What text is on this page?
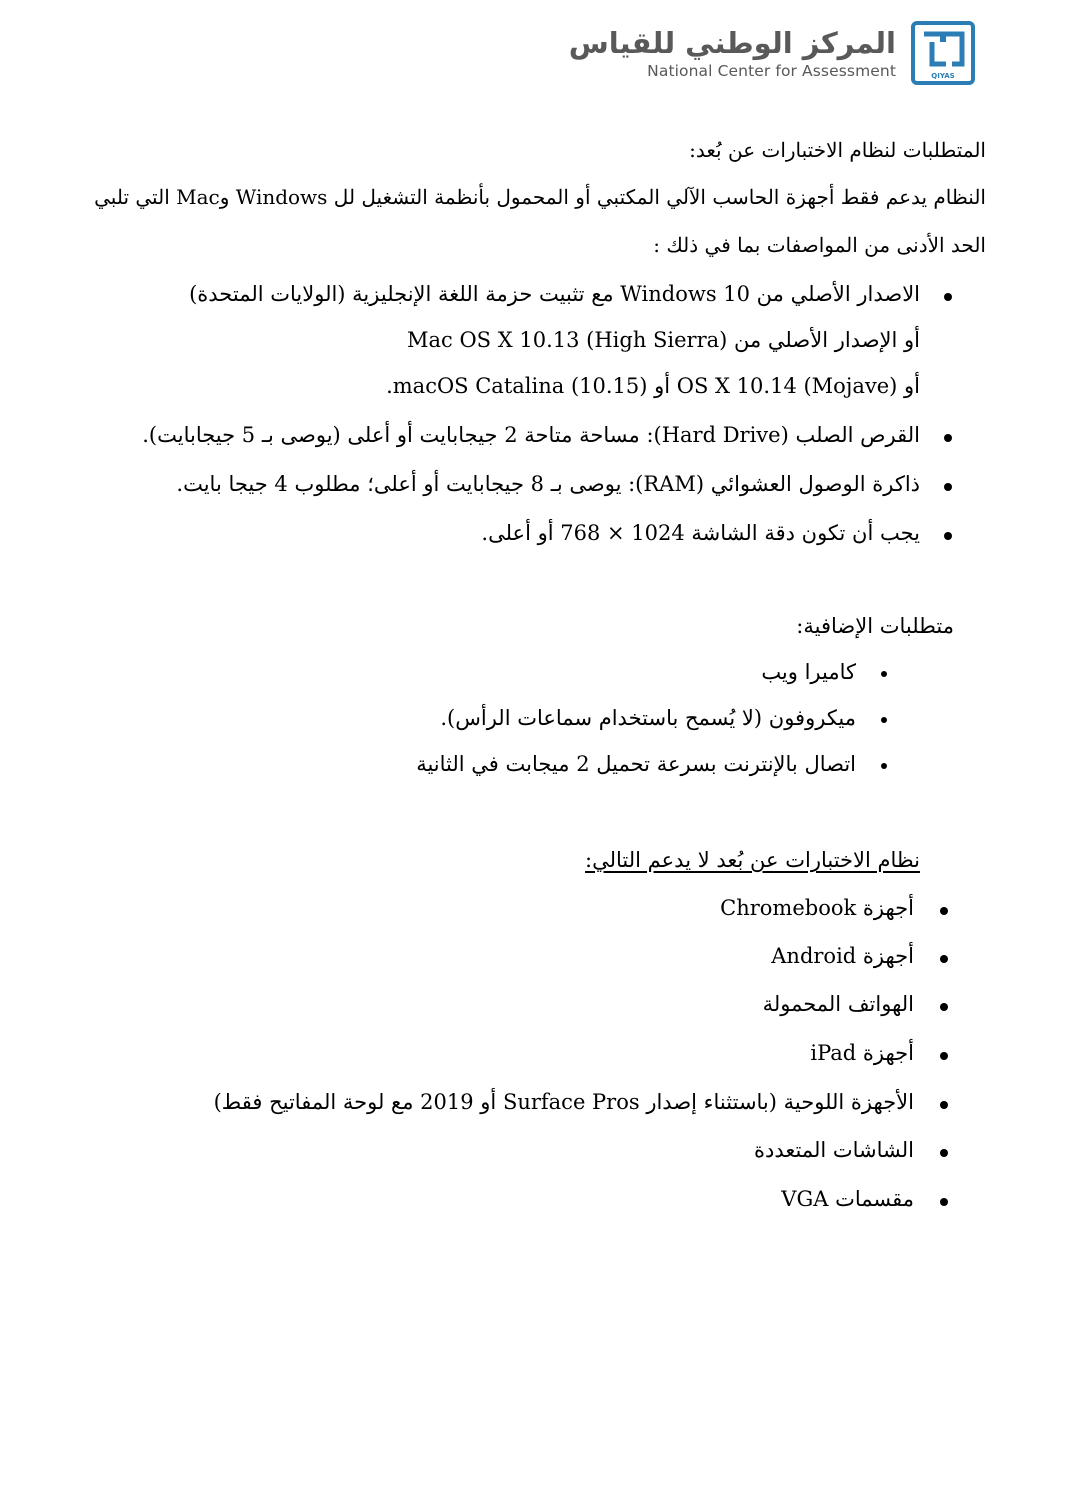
QIYAS
المركز الوطني للقياس
National Center for Assessment
المتطلبات لنظام الاختبارات عن بُعد:
النظام يدعم فقط أجهزة الحاسب الآلي المكتبي أو المحمول بأنظمة التشغيل لل Windows وMac التي تلبي
الحد الأدنى من المواصفات بما في ذلك :
الاصدار الأصلي من Windows 10 مع تثبيت حزمة اللغة الإنجليزية (الولايات المتحدة)
أو الإصدار الأصلي من Mac OS X 10.13 (High Sierra)
أو OS X 10.14 (Mojave) أو macOS Catalina (10.15).
القرص الصلب (Hard Drive): مساحة متاحة 2 جيجابايت أو أعلى (يوصى بـ 5 جيجابايت).
ذاكرة الوصول العشوائي (RAM): يوصى بـ 8 جيجابايت أو أعلى؛ مطلوب 4 جيجا بايت.
يجب أن تكون دقة الشاشة 1024 × 768 أو أعلى.
متطلبات الإضافية:
كاميرا ويب
ميكروفون (لا يُسمح باستخدام سماعات الرأس).
اتصال بالإنترنت بسرعة تحميل 2 ميجابت في الثانية
نظام الاختبارات عن بُعد لا يدعم التالي:
أجهزة Chromebook
أجهزة Android
الهواتف المحمولة
أجهزة iPad
الأجهزة اللوحية (باستثناء إصدار Surface Pros أو 2019 مع لوحة المفاتيح فقط)
الشاشات المتعددة
مقسمات VGA
